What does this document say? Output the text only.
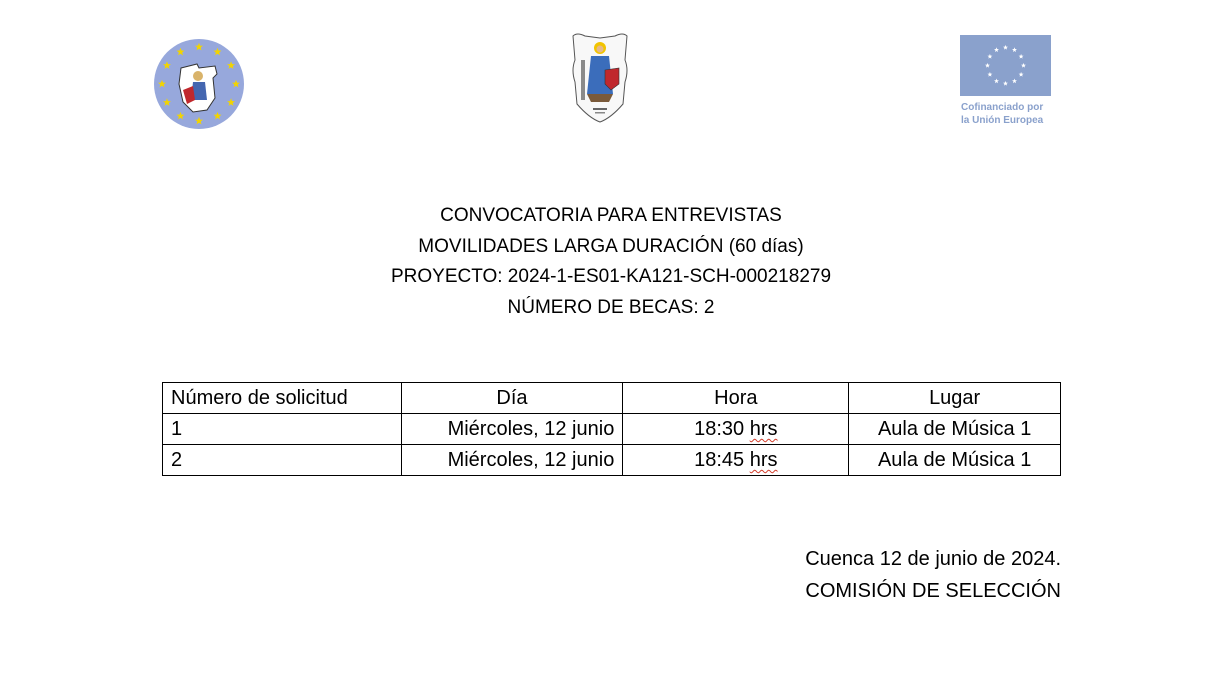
Cofinanciado por
la Unión Europea
CONVOCATORIA PARA ENTREVISTAS
MOVILIDADES LARGA DURACIÓN (60 días)
PROYECTO: 2024-1-ES01-KA121-SCH-000218279
NÚMERO DE BECAS: 2
Número de solicitud	Día	Hora	Lugar
1	Miércoles, 12 junio	18:30 hrs	Aula de Música 1
2	Miércoles, 12 junio	18:45 hrs	Aula de Música 1
Cuenca 12 de junio de 2024.
COMISIÓN DE SELECCIÓN
